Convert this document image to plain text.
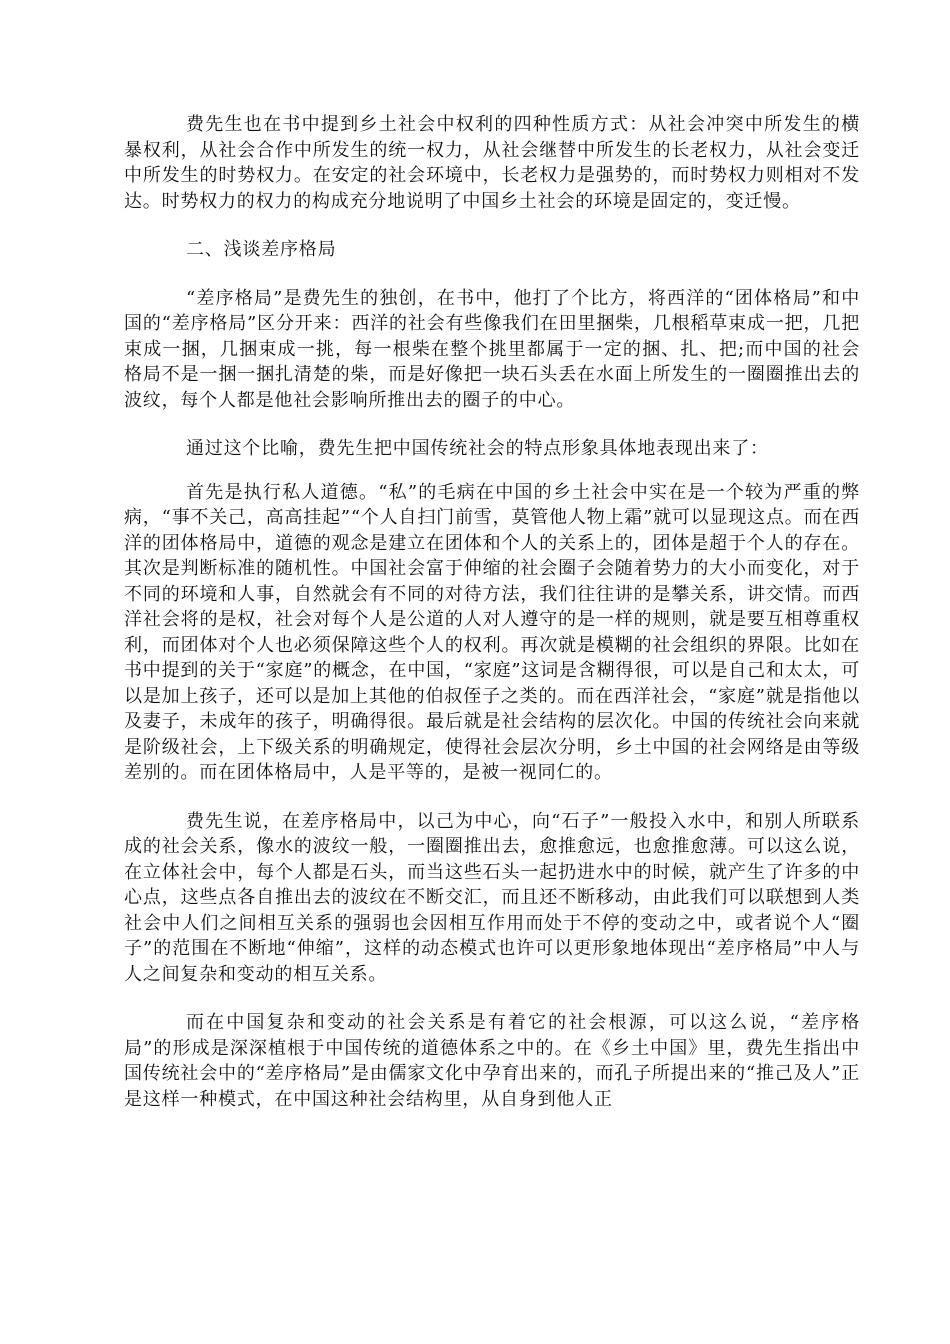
费先生也在书中提到乡土社会中权利的四种性质方式：从社会冲突中所发生的横暴权利，从社会合作中所发生的统一权力，从社会继替中所发生的长老权力，从社会变迁中所发生的时势权力。在安定的社会环境中，长老权力是强势的，而时势权力则相对不发达。时势权力的权力的构成充分地说明了中国乡土社会的环境是固定的，变迁慢。

二、浅谈差序格局

“差序格局”是费先生的独创，在书中，他打了个比方，将西洋的“团体格局”和中国的“差序格局”区分开来：西洋的社会有些像我们在田里捆柴，几根稻草束成一把，几把束成一捆，几捆束成一挑，每一根柴在整个挑里都属于一定的捆、扎、把;而中国的社会格局不是一捆一捆扎清楚的柴，而是好像把一块石头丢在水面上所发生的一圈圈推出去的波纹，每个人都是他社会影响所推出去的圈子的中心。

通过这个比喻，费先生把中国传统社会的特点形象具体地表现出来了：

首先是执行私人道德。“私”的毛病在中国的乡土社会中实在是一个较为严重的弊病，“事不关己，高高挂起”“个人自扫门前雪，莫管他人物上霜”就可以显现这点。而在西洋的团体格局中，道德的观念是建立在团体和个人的关系上的，团体是超于个人的存在。其次是判断标准的随机性。中国社会富于伸缩的社会圈子会随着势力的大小而变化，对于不同的环境和人事，自然就会有不同的对待方法，我们往往讲的是攀关系，讲交情。而西洋社会将的是权，社会对每个人是公道的人对人遵守的是一样的规则，就是要互相尊重权利，而团体对个人也必须保障这些个人的权利。再次就是模糊的社会组织的界限。比如在书中提到的关于“家庭”的概念，在中国，“家庭”这词是含糊得很，可以是自己和太太，可以是加上孩子，还可以是加上其他的伯叔侄子之类的。而在西洋社会，“家庭”就是指他以及妻子，未成年的孩子，明确得很。最后就是社会结构的层次化。中国的传统社会向来就是阶级社会，上下级关系的明确规定，使得社会层次分明，乡土中国的社会网络是由等级差别的。而在团体格局中，人是平等的，是被一视同仁的。

费先生说，在差序格局中，以己为中心，向“石子”一般投入水中，和别人所联系成的社会关系，像水的波纹一般，一圈圈推出去，愈推愈远，也愈推愈薄。可以这么说，在立体社会中，每个人都是石头，而当这些石头一起扔进水中的时候，就产生了许多的中心点，这些点各自推出去的波纹在不断交汇，而且还不断移动，由此我们可以联想到人类社会中人们之间相互关系的强弱也会因相互作用而处于不停的变动之中，或者说个人“圈子”的范围在不断地“伸缩”，这样的动态模式也许可以更形象地体现出“差序格局”中人与人之间复杂和变动的相互关系。

而在中国复杂和变动的社会关系是有着它的社会根源，可以这么说，“差序格局”的形成是深深植根于中国传统的道德体系之中的。在《乡土中国》里，费先生指出中国传统社会中的“差序格局”是由儒家文化中孕育出来的，而孔子所提出来的“推己及人”正是这样一种模式，在中国这种社会结构里，从自身到他人正
